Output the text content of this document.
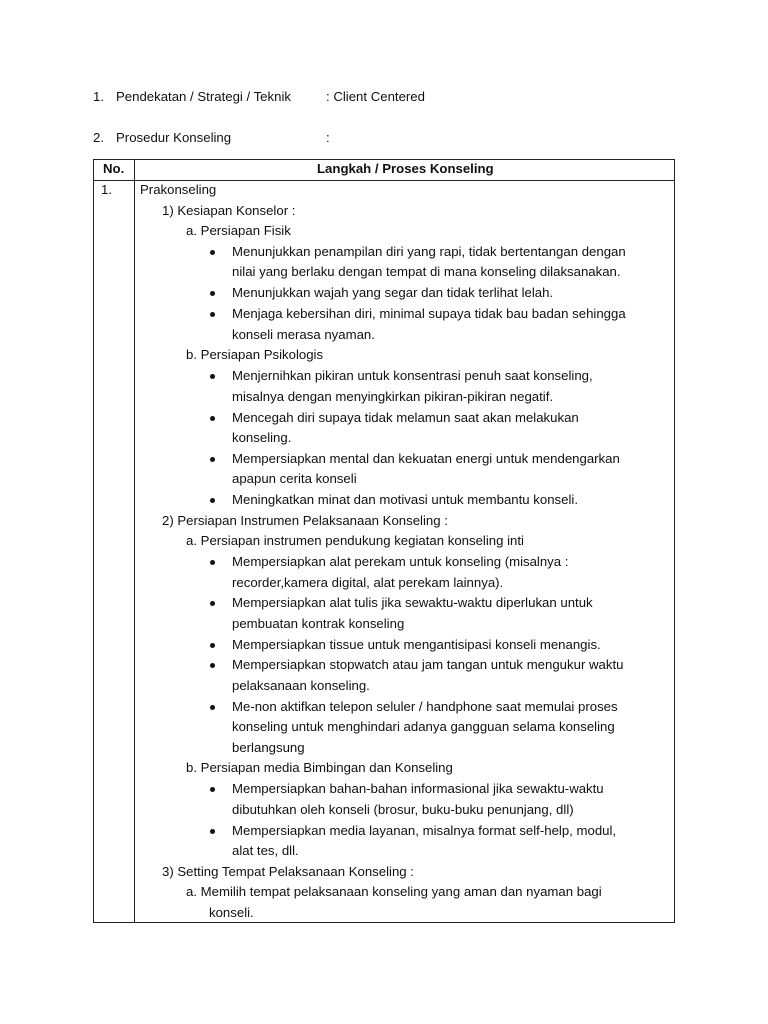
1. Pendekatan / Strategi / Teknik	: Client Centered
2. Prosedur Konseling	:
No.	Langkah / Proses Konseling
1. Prakonseling
1) Kesiapan Konselor :
a. Persiapan Fisik
Menunjukkan penampilan diri yang rapi, tidak bertentangan dengan
nilai yang berlaku dengan tempat di mana konseling dilaksanakan.
Menunjukkan wajah yang segar dan tidak terlihat lelah.
Menjaga kebersihan diri, minimal supaya tidak bau badan sehingga
konseli merasa nyaman.
b. Persiapan Psikologis
Menjernihkan pikiran untuk konsentrasi penuh saat konseling,
misalnya dengan menyingkirkan pikiran-pikiran negatif.
Mencegah diri supaya tidak melamun saat akan melakukan
konseling.
Mempersiapkan mental dan kekuatan energi untuk mendengarkan
apapun cerita konseli
Meningkatkan minat dan motivasi untuk membantu konseli.
2) Persiapan Instrumen Pelaksanaan Konseling :
a. Persiapan instrumen pendukung kegiatan konseling inti
Mempersiapkan alat perekam untuk konseling (misalnya :
recorder,kamera digital, alat perekam lainnya).
Mempersiapkan alat tulis jika sewaktu-waktu diperlukan untuk
pembuatan kontrak konseling
Mempersiapkan tissue untuk mengantisipasi konseli menangis.
Mempersiapkan stopwatch atau jam tangan untuk mengukur waktu
pelaksanaan konseling.
Me-non aktifkan telepon seluler / handphone saat memulai proses
konseling untuk menghindari adanya gangguan selama konseling
berlangsung
b. Persiapan media Bimbingan dan Konseling
Mempersiapkan bahan-bahan informasional jika sewaktu-waktu
dibutuhkan oleh konseli (brosur, buku-buku penunjang, dll)
Mempersiapkan media layanan, misalnya format self-help, modul,
alat tes, dll.
3) Setting Tempat Pelaksanaan Konseling :
a. Memilih tempat pelaksanaan konseling yang aman dan nyaman bagi
konseli.
